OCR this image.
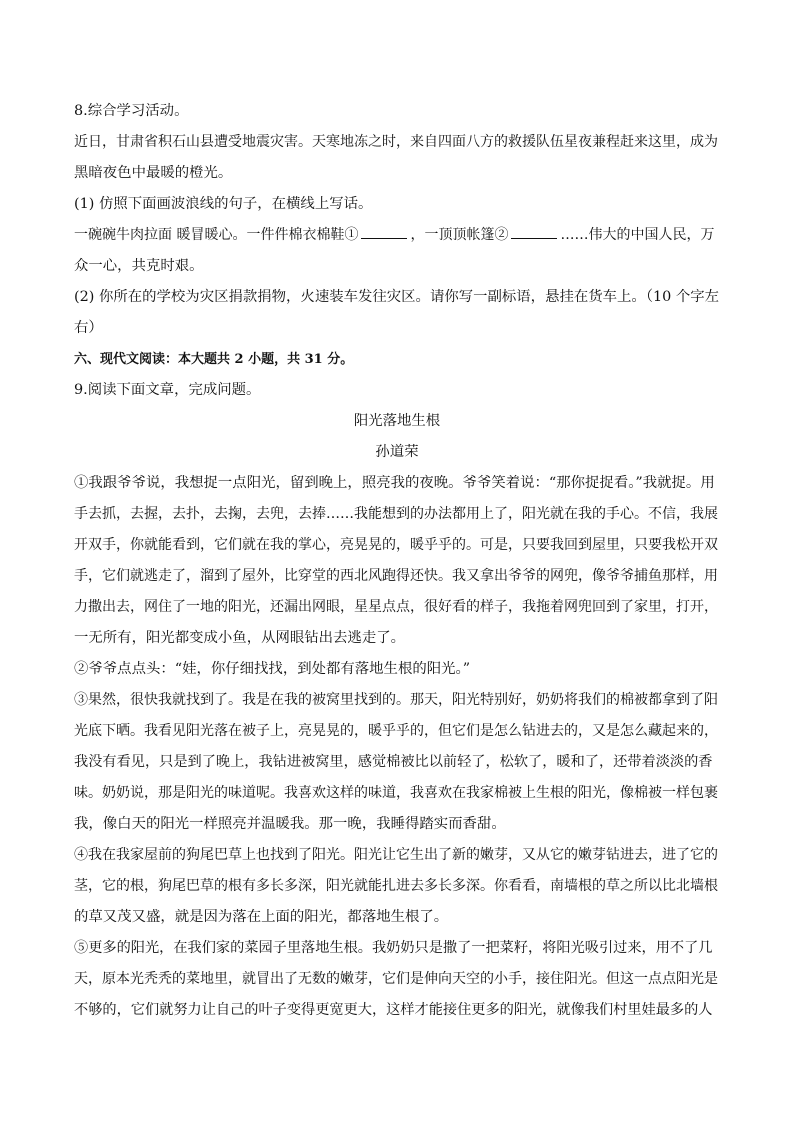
8.综合学习活动。

近日，甘肃省积石山县遭受地震灾害。天寒地冻之时，来自四面八方的救援队伍星夜兼程赶来这里，成为

黑暗夜色中最暖的橙光。

(1) 仿照下面画波浪线的句子，在横线上写话。

一碗碗牛肉拉面 暖冒暖心。一件件棉衣棉鞋①	，一顶顶帐篷②	……伟大的中国人民，万

众一心，共克时艰。

(2) 你所在的学校为灾区捐款捐物，火速装车发往灾区。请你写一副标语，悬挂在货车上。（10 个字左

右）

六、现代文阅读：本大题共 2 小题，共 31 分。

9.阅读下面文章，完成问题。

阳光落地生根

孙道荣

①我跟爷爷说，我想捉一点阳光，留到晚上，照亮我的夜晚。爷爷笑着说：“那你捉捉看。”我就捉。用

手去抓，去握，去扑，去掬，去兜，去捧……我能想到的办法都用上了，阳光就在我的手心。不信，我展

开双手，你就能看到，它们就在我的掌心，亮晃晃的，暖乎乎的。可是，只要我回到屋里，只要我松开双

手，它们就逃走了，溜到了屋外，比穿堂的西北风跑得还快。我又拿出爷爷的网兜，像爷爷捕鱼那样，用

力撒出去，网住了一地的阳光，还漏出网眼，星星点点，很好看的样子，我拖着网兜回到了家里，打开，

一无所有，阳光都变成小鱼，从网眼钻出去逃走了。

②爷爷点点头：“娃，你仔细找找，到处都有落地生根的阳光。”

③果然，很快我就找到了。我是在我的被窝里找到的。那天，阳光特别好，奶奶将我们的棉被都拿到了阳

光底下晒。我看见阳光落在被子上，亮晃晃的，暖乎乎的，但它们是怎么钻进去的，又是怎么藏起来的，

我没有看见，只是到了晚上，我钻进被窝里，感觉棉被比以前轻了，松软了，暖和了，还带着淡淡的香

味。奶奶说，那是阳光的味道呢。我喜欢这样的味道，我喜欢在我家棉被上生根的阳光，像棉被一样包裹

我，像白天的阳光一样照亮并温暖我。那一晚，我睡得踏实而香甜。

④我在我家屋前的狗尾巴草上也找到了阳光。阳光让它生出了新的嫩芽，又从它的嫩芽钻进去，进了它的

茎，它的根，狗尾巴草的根有多长多深，阳光就能扎进去多长多深。你看看，南墙根的草之所以比北墙根

的草又茂又盛，就是因为落在上面的阳光，都落地生根了。

⑤更多的阳光，在我们家的菜园子里落地生根。我奶奶只是撒了一把菜籽，将阳光吸引过来，用不了几

天，原本光秃秃的菜地里，就冒出了无数的嫩芽，它们是伸向天空的小手，接住阳光。但这一点点阳光是

不够的，它们就努力让自己的叶子变得更宽更大，这样才能接住更多的阳光，就像我们村里娃最多的人
